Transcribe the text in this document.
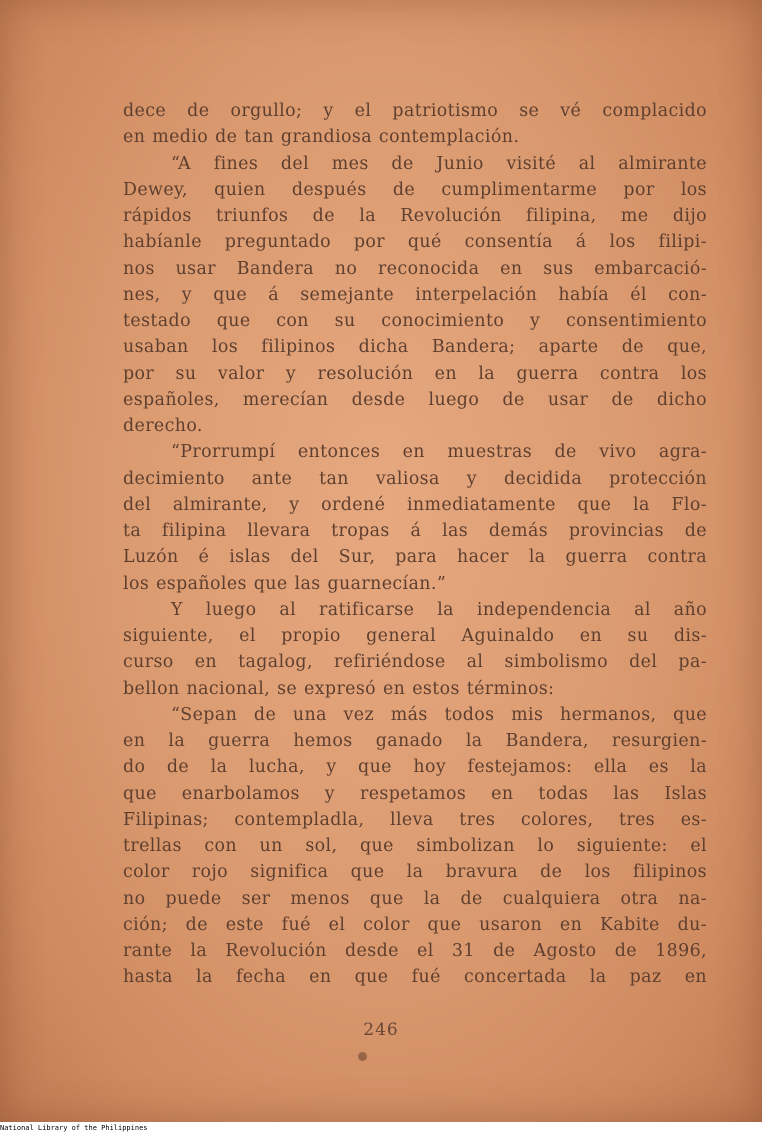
dece de orgullo; y el patriotismo se vé complacido
en medio de tan grandiosa contemplación.
“A fines del mes de Junio visité al almirante
Dewey, quien después de cumplimentarme por los
rápidos triunfos de la Revolución filipina, me dijo
habíanle preguntado por qué consentía á los filipi-
nos usar Bandera no reconocida en sus embarcació-
nes, y que á semejante interpelación había él con-
testado que con su conocimiento y consentimiento
usaban los filipinos dicha Bandera; aparte de que,
por su valor y resolución en la guerra contra los
españoles, merecían desde luego de usar de dicho
derecho.
“Prorrumpí entonces en muestras de vivo agra-
decimiento ante tan valiosa y decidida protección
del almirante, y ordené inmediatamente que la Flo-
ta filipina llevara tropas á las demás provincias de
Luzón é islas del Sur, para hacer la guerra contra
los españoles que las guarnecían.”
Y luego al ratificarse la independencia al año
siguiente, el propio general Aguinaldo en su dis-
curso en tagalog, refiriéndose al simbolismo del pa-
bellon nacional, se expresó en estos términos:
“Sepan de una vez más todos mis hermanos, que
en la guerra hemos ganado la Bandera, resurgien-
do de la lucha, y que hoy festejamos: ella es la
que enarbolamos y respetamos en todas las Islas
Filipinas; contempladla, lleva tres colores, tres es-
trellas con un sol, que simbolizan lo siguiente: el
color rojo significa que la bravura de los filipinos
no puede ser menos que la de cualquiera otra na-
ción; de este fué el color que usaron en Kabite du-
rante la Revolución desde el 31 de Agosto de 1896,
hasta la fecha en que fué concertada la paz en
246
National Library of the Philippines
